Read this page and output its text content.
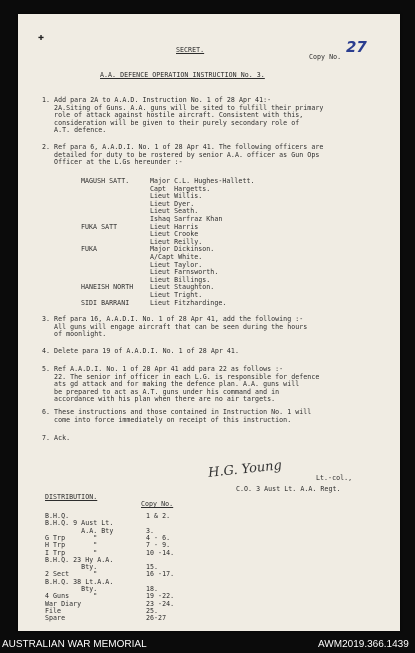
✚
SECRET.
Copy No.
27
A.A. DEFENCE OPERATION INSTRUCTION No. 3.
1. Add para 2A to A.A.D. Instruction No. 1 of 28 Apr 41:-
2A.Siting of Guns. A.A. guns will be sited to fulfill their primary
role of attack against hostile aircraft. Consistent with this,
consideration will be given to their purely secondary role of
A.T. defence.
2. Ref para 6, A.A.D.I. No. 1 of 28 Apr 41. The following officers are
detailed for duty to be rostered by senior A.A. officer as Gun Ops
Officer at the L.Gs hereunder :-
MAGUSH SATT.	Major C.L. Hughes-Hallett.
Capt  Hargetts.
Lieut Willis.
Lieut Dyer.
Lieut Seath.
Ishaq Sarfraz Khan
FUKA SATT	Lieut Harris
Lieut Crooke
Lieut Reilly.
FUKA	Major Dickinson.
A/Capt White.
Lieut Taylor.
Lieut Farnsworth.
Lieut Billings.
HANEISH NORTH	Lieut Staughton.
Lieut Tright.
SIDI BARRANI	Lieut Fitzhardinge.
3. Ref para 16, A.A.D.I. No. 1 of 28 Apr 41, add the following :-
All guns will engage aircraft that can be seen during the hours
of moonlight.
4. Delete para 19 of A.A.D.I. No. 1 of 28 Apr 41.
5. Ref A.A.D.I. No. 1 of 28 Apr 41 add para 22 as follows :-
22. The senior inf officer in each L.G. is responsible for defence
ats gd attack and for making the defence plan. A.A. guns will
be prepared to act as A.T. guns under his command and in
accordance with his plan when there are no air targets.
6. These instructions and those contained in Instruction No. 1 will
come into force immediately on receipt of this instruction.
7. Ack.
H.G. Young	Lt.-col.,
C.O. 3 Aust Lt. A.A. Regt.
DISTRIBUTION.
Copy No.
B.H.Q.	1 & 2.
B.H.Q. 9 Aust Lt.
A.A. Bty	3.
G Trp       "	4 - 6.
H Trp       "	7 - 9.
I Trp       "	10 -14.
B.H.Q. 23 Hy A.A.
Bty.	15.
2 Sect      "	16 -17.
B.H.Q. 38 Lt.A.A.
Bty.	18.
4 Guns      "	19 -22.
War Diary	23 -24.
File	25.
Spare	26-27
AUSTRALIAN WAR MEMORIAL	AWM2019.366.1439
